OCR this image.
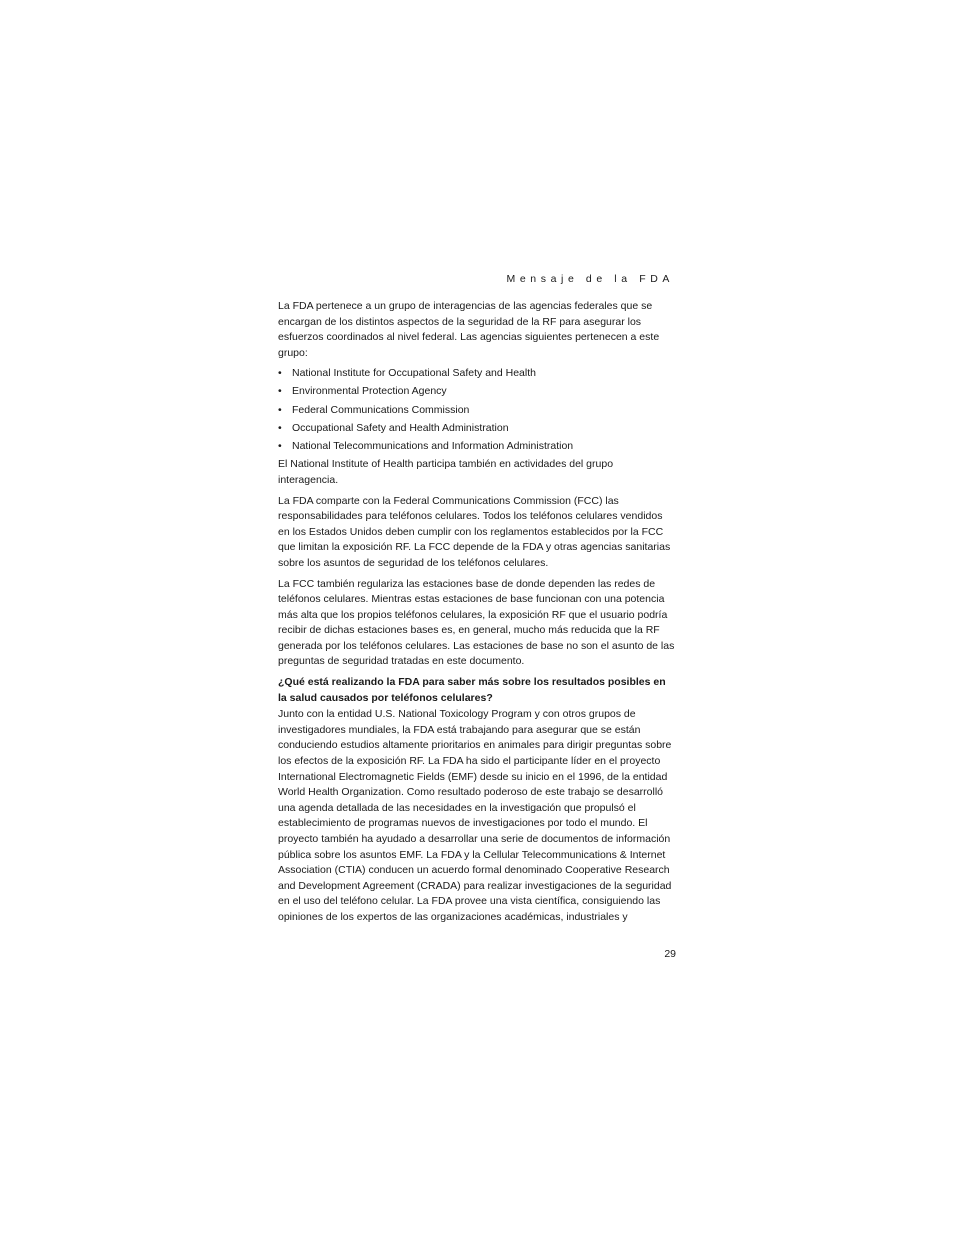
Mensaje de la FDA

La FDA pertenece a un grupo de interagencias de las agencias federales que se encargan de los distintos aspectos de la seguridad de la RF para asegurar los esfuerzos coordinados al nivel federal. Las agencias siguientes pertenecen a este grupo:

• National Institute for Occupational Safety and Health
• Environmental Protection Agency
• Federal Communications Commission
• Occupational Safety and Health Administration
• National Telecommunications and Information Administration

El National Institute of Health participa también en actividades del grupo interagencia.

La FDA comparte con la Federal Communications Commission (FCC) las responsabilidades para teléfonos celulares. Todos los teléfonos celulares vendidos en los Estados Unidos deben cumplir con los reglamentos establecidos por la FCC que limitan la exposición RF. La FCC depende de la FDA y otras agencias sanitarias sobre los asuntos de seguridad de los teléfonos celulares.

La FCC también regulariza las estaciones base de donde dependen las redes de teléfonos celulares. Mientras estas estaciones de base funcionan con una potencia más alta que los propios teléfonos celulares, la exposición RF que el usuario podría recibir de dichas estaciones bases es, en general, mucho más reducida que la RF generada por los teléfonos celulares. Las estaciones de base no son el asunto de las preguntas de seguridad tratadas en este documento.

¿Qué está realizando la FDA para saber más sobre los resultados posibles en la salud causados por teléfonos celulares?

Junto con la entidad U.S. National Toxicology Program y con otros grupos de investigadores mundiales, la FDA está trabajando para asegurar que se están conduciendo estudios altamente prioritarios en animales para dirigir preguntas sobre los efectos de la exposición RF. La FDA ha sido el participante líder en el proyecto International Electromagnetic Fields (EMF) desde su inicio en el 1996, de la entidad World Health Organization. Como resultado poderoso de este trabajo se desarrolló una agenda detallada de las necesidades en la investigación que propulsó el establecimiento de programas nuevos de investigaciones por todo el mundo. El proyecto también ha ayudado a desarrollar una serie de documentos de información pública sobre los asuntos EMF. La FDA y la Cellular Telecommunications & Internet Association (CTIA) conducen un acuerdo formal denominado Cooperative Research and Development Agreement (CRADA) para realizar investigaciones de la seguridad en el uso del teléfono celular. La FDA provee una vista científica, consiguiendo las opiniones de los expertos de las organizaciones académicas, industriales y

29
